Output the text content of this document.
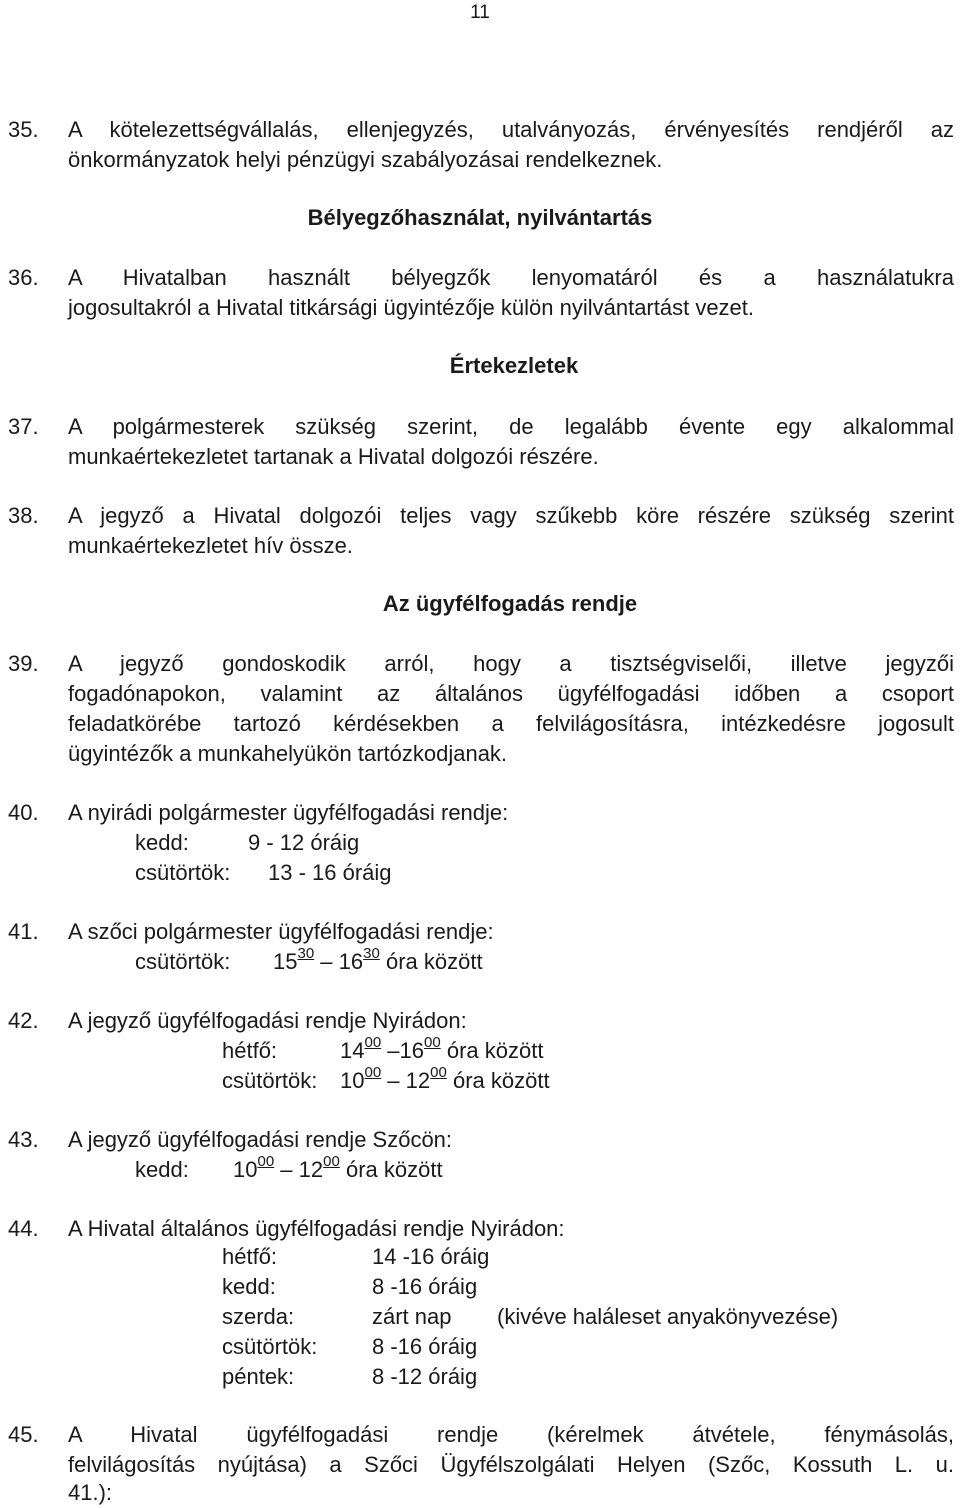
11
35. A kötelezettségvállalás, ellenjegyzés, utalványozás, érvényesítés rendjéről az
önkormányzatok helyi pénzügyi szabályozásai rendelkeznek.
Bélyegzőhasználat, nyilvántartás
36. A Hivatalban használt bélyegzők lenyomatáról és a használatukra
jogosultakról a Hivatal titkársági ügyintézője külön nyilvántartást vezet.
Értekezletek
37. A polgármesterek szükség szerint, de legalább évente egy alkalommal
munkaértekezletet tartanak a Hivatal dolgozói részére.
38. A jegyző a Hivatal dolgozói teljes vagy szűkebb köre részére szükség szerint
munkaértekezletet hív össze.
Az ügyfélfogadás rendje
39. A jegyző gondoskodik arról, hogy a tisztségviselői, illetve jegyzői
fogadónapokon, valamint az általános ügyfélfogadási időben a csoport
feladatkörébe tartozó kérdésekben a felvilágosításra, intézkedésre jogosult
ügyintézők a munkahelyükön tartózkodjanak.
40. A nyirádi polgármester ügyfélfogadási rendje:
kedd:	9 - 12 óráig
csütörtök: 13 - 16 óráig
41. A szőci polgármester ügyfélfogadási rendje:
csütörtök: $15^{30} - 16^{30}$ óra között
42. A jegyző ügyfélfogadási rendje Nyirádon:
hétfő:	$14^{00}$ $-16^{00}$ óra között
csütörtök: $10^{00} - 12^{00}$ óra között
43. A jegyző ügyfélfogadási rendje Szőcön:
kedd: $10^{00} - 12^{00}$ óra között
44. A Hivatal általános ügyfélfogadási rendje Nyirádon:
hétfő:	14 -16 óráig
kedd:	8 -16 óráig
szerda:	zárt nap (kivéve haláleset anyakönyvezése)
csütörtök: 8 -16 óráig
péntek:	8 -12 óráig
45. A Hivatal ügyfélfogadási rendje (kérelmek átvétele, fénymásolás,
felvilágosítás nyújtása) a Szőci Ügyfélszolgálati Helyen (Szőc, Kossuth L. u.
41.):
